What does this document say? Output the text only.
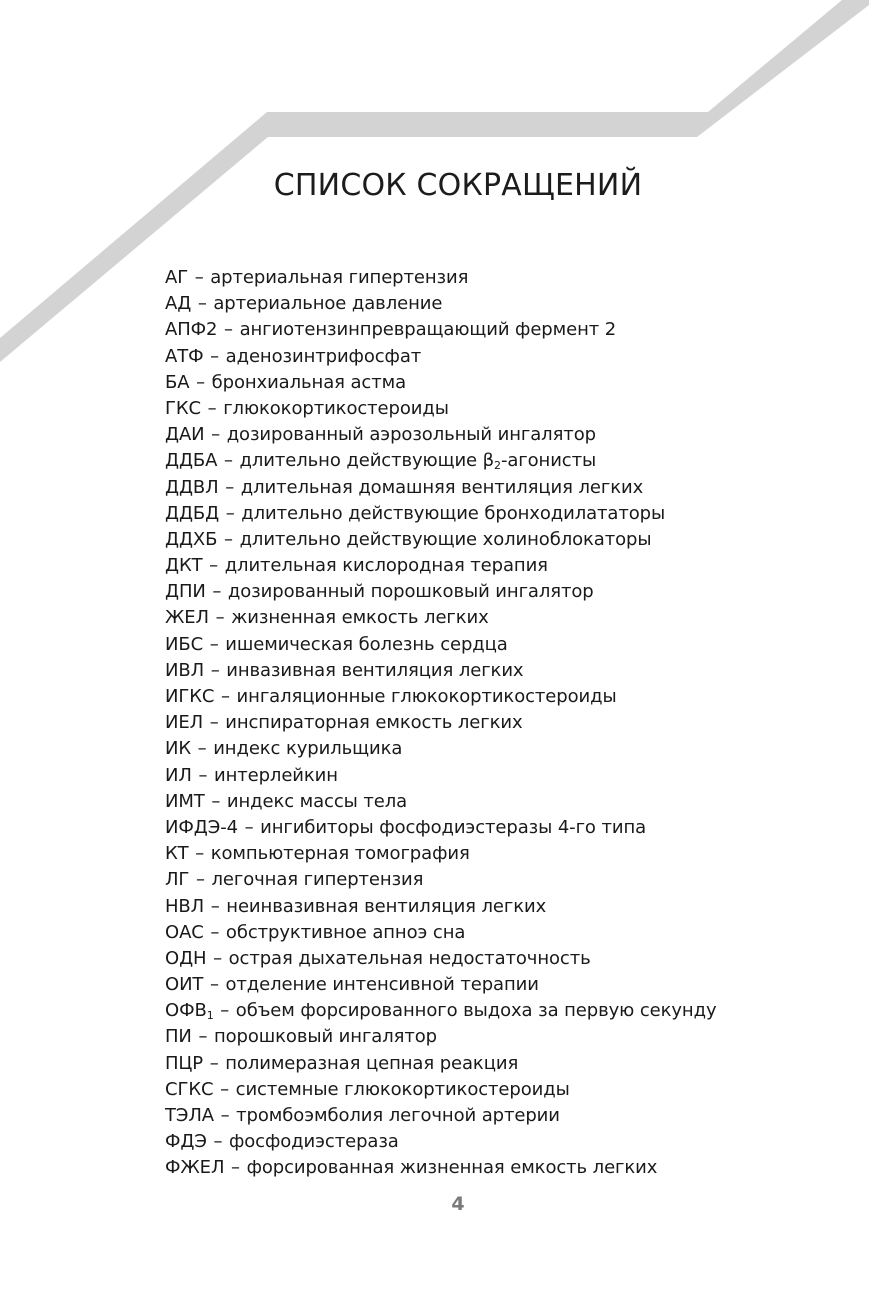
СПИСОК СОКРАЩЕНИЙ
АГ – артериальная гипертензия
АД – артериальное давление
АПФ2 – ангиотензинпревращающий фермент 2
АТФ – аденозинтрифосфат
БА – бронхиальная астма
ГКС – глюкокортикостероиды
ДАИ – дозированный аэрозольный ингалятор
ДДБА – длительно действующие $\beta_2$-агонисты
ДДВЛ – длительная домашняя вентиляция легких
ДДБД – длительно действующие бронходилататоры
ДДХБ – длительно действующие холиноблокаторы
ДКТ – длительная кислородная терапия
ДПИ – дозированный порошковый ингалятор
ЖЕЛ – жизненная емкость легких
ИБС – ишемическая болезнь сердца
ИВЛ – инвазивная вентиляция легких
ИГКС – ингаляционные глюкокортикостероиды
ИЕЛ – инспираторная емкость легких
ИК – индекс курильщика
ИЛ – интерлейкин
ИМТ – индекс массы тела
ИФДЭ-4 – ингибиторы фосфодиэстеразы 4-го типа
КТ – компьютерная томография
ЛГ – легочная гипертензия
НВЛ – неинвазивная вентиляция легких
ОАС – обструктивное апноэ сна
ОДН – острая дыхательная недостаточность
ОИТ – отделение интенсивной терапии
$ОФВ_1$ – объем форсированного выдоха за первую секунду
ПИ – порошковый ингалятор
ПЦР – полимеразная цепная реакция
СГКС – системные глюкокортикостероиды
ТЭЛА – тромбоэмболия легочной артерии
ФДЭ – фосфодиэстераза
ФЖЕЛ – форсированная жизненная емкость легких
4
